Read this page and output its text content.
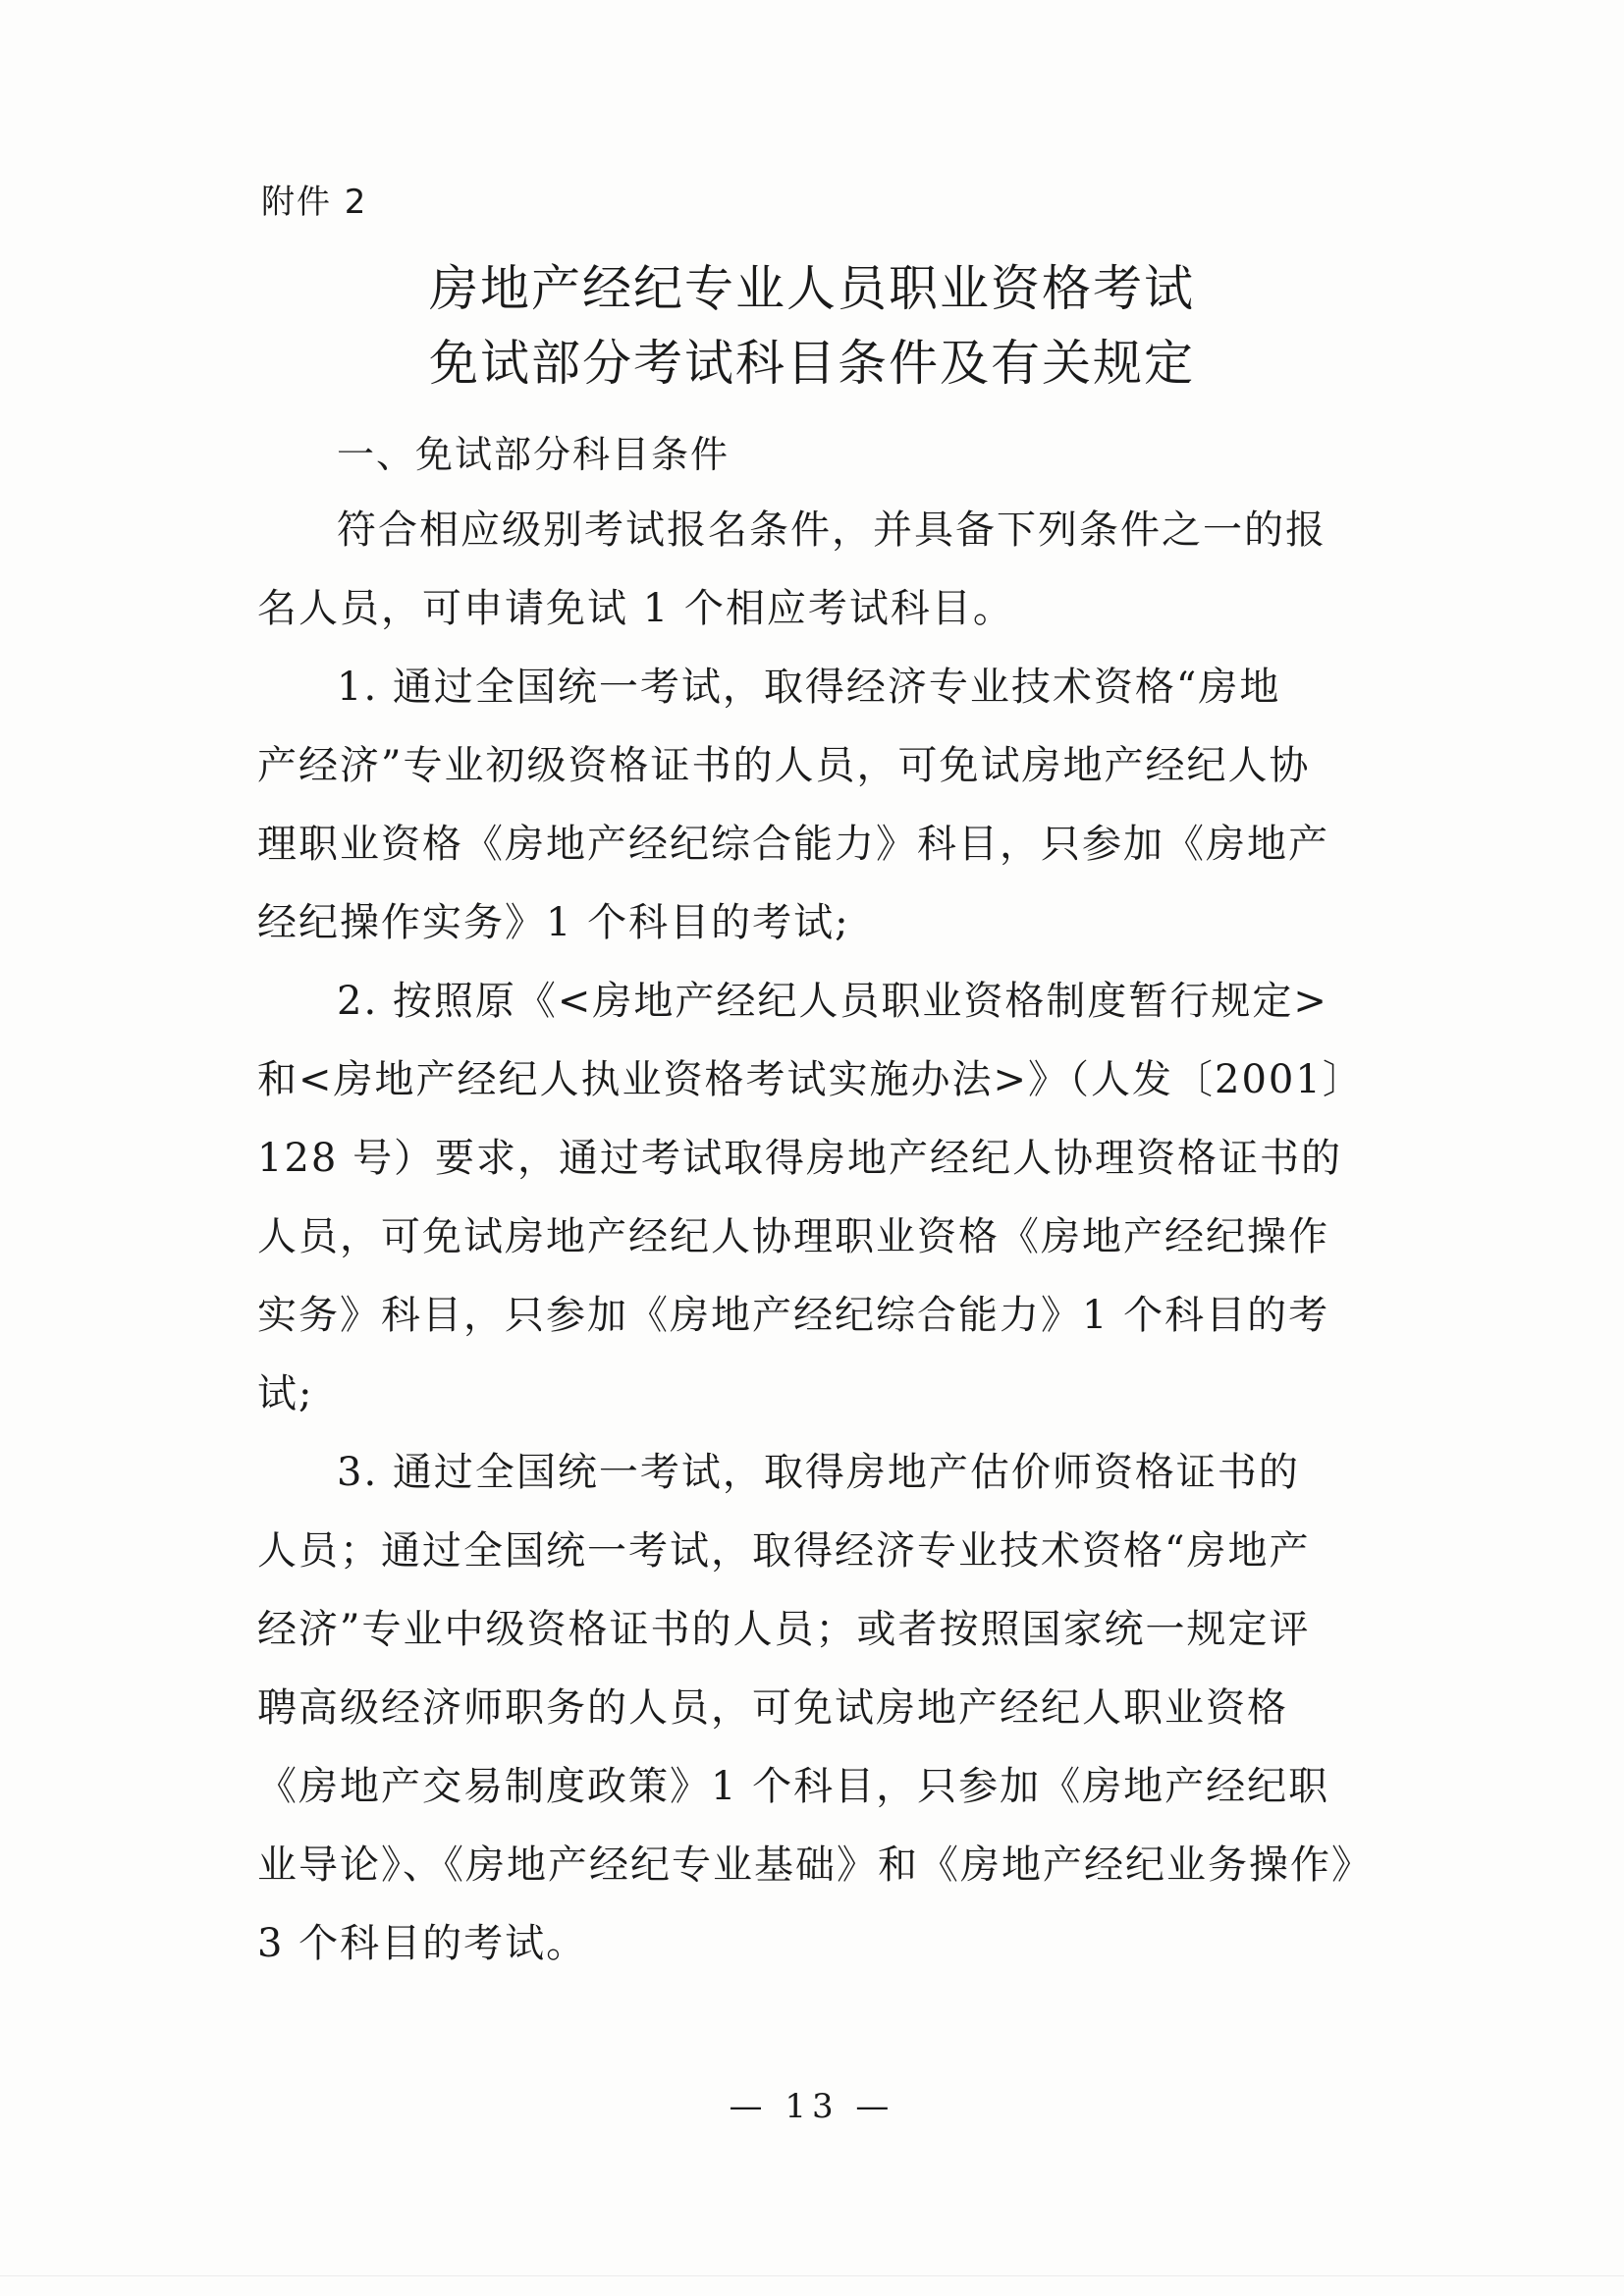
附件 2
房地产经纪专业人员职业资格考试
免试部分考试科目条件及有关规定
一、免试部分科目条件
符合相应级别考试报名条件，并具备下列条件之一的报
名人员，可申请免试 1 个相应考试科目。
1. 通过全国统一考试，取得经济专业技术资格“房地
产经济”专业初级资格证书的人员，可免试房地产经纪人协
理职业资格《房地产经纪综合能力》科目，只参加《房地产
经纪操作实务》1 个科目的考试;
2. 按照原《<房地产经纪人员职业资格制度暂行规定>
和<房地产经纪人执业资格考试实施办法>》（人发〔2001〕
128 号）要求，通过考试取得房地产经纪人协理资格证书的
人员，可免试房地产经纪人协理职业资格《房地产经纪操作
实务》科目，只参加《房地产经纪综合能力》1 个科目的考
试;
3. 通过全国统一考试，取得房地产估价师资格证书的
人员；通过全国统一考试，取得经济专业技术资格“房地产
经济”专业中级资格证书的人员；或者按照国家统一规定评
聘高级经济师职务的人员，可免试房地产经纪人职业资格
《房地产交易制度政策》1 个科目，只参加《房地产经纪职
业导论》、《房地产经纪专业基础》和《房地产经纪业务操作》
3 个科目的考试。
— 13 —
